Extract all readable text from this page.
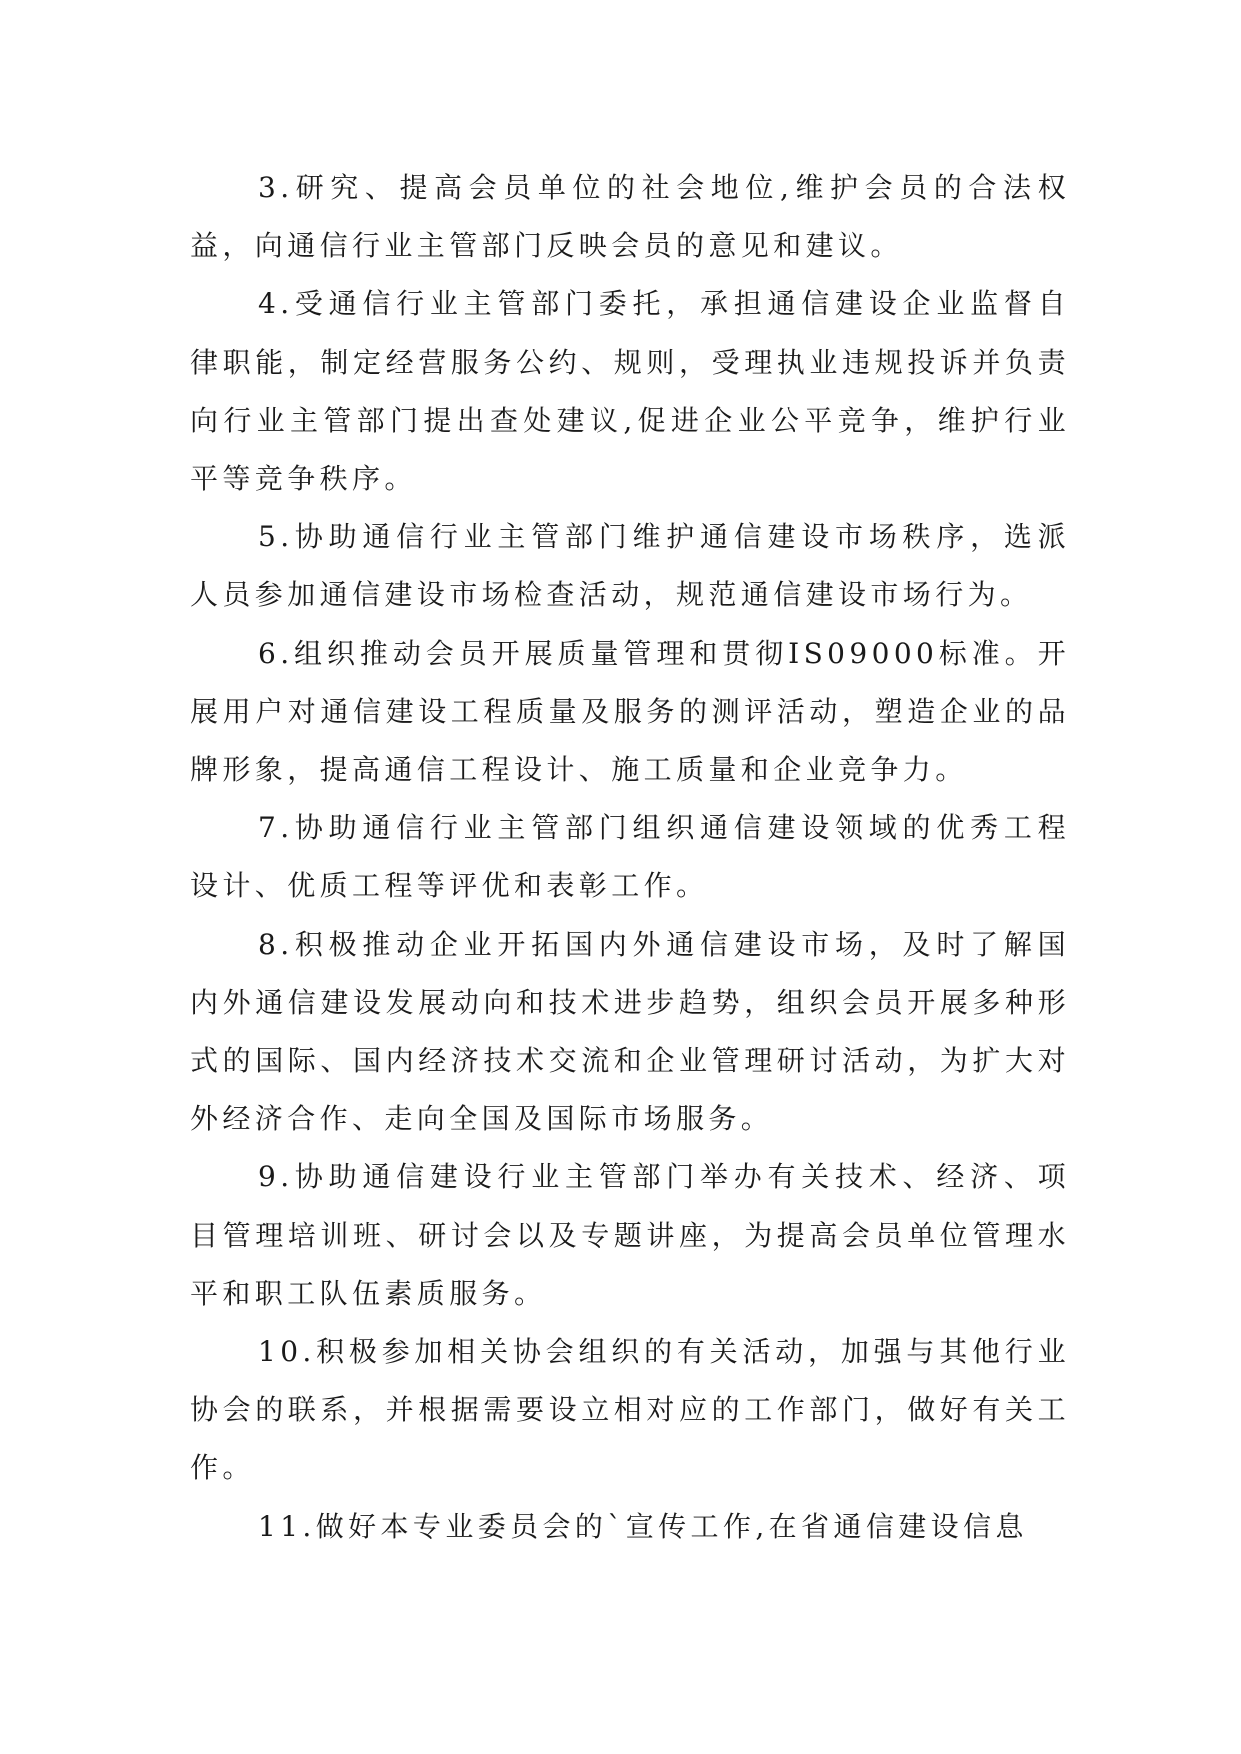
3.研究、提高会员单位的社会地位,维护会员的合法权益，向通信行业主管部门反映会员的意见和建议。

4.受通信行业主管部门委托，承担通信建设企业监督自律职能，制定经营服务公约、规则，受理执业违规投诉并负责向行业主管部门提出查处建议,促进企业公平竞争，维护行业平等竞争秩序。

5.协助通信行业主管部门维护通信建设市场秩序，选派人员参加通信建设市场检查活动，规范通信建设市场行为。

6.组织推动会员开展质量管理和贯彻IS09000标准。开展用户对通信建设工程质量及服务的测评活动，塑造企业的品牌形象，提高通信工程设计、施工质量和企业竞争力。

7.协助通信行业主管部门组织通信建设领域的优秀工程设计、优质工程等评优和表彰工作。

8.积极推动企业开拓国内外通信建设市场，及时了解国内外通信建设发展动向和技术进步趋势，组织会员开展多种形式的国际、国内经济技术交流和企业管理研讨活动，为扩大对外经济合作、走向全国及国际市场服务。

9.协助通信建设行业主管部门举办有关技术、经济、项目管理培训班、研讨会以及专题讲座，为提高会员单位管理水平和职工队伍素质服务。

10.积极参加相关协会组织的有关活动，加强与其他行业协会的联系，并根据需要设立相对应的工作部门，做好有关工作。

11.做好本专业委员会的`宣传工作,在省通信建设信息
